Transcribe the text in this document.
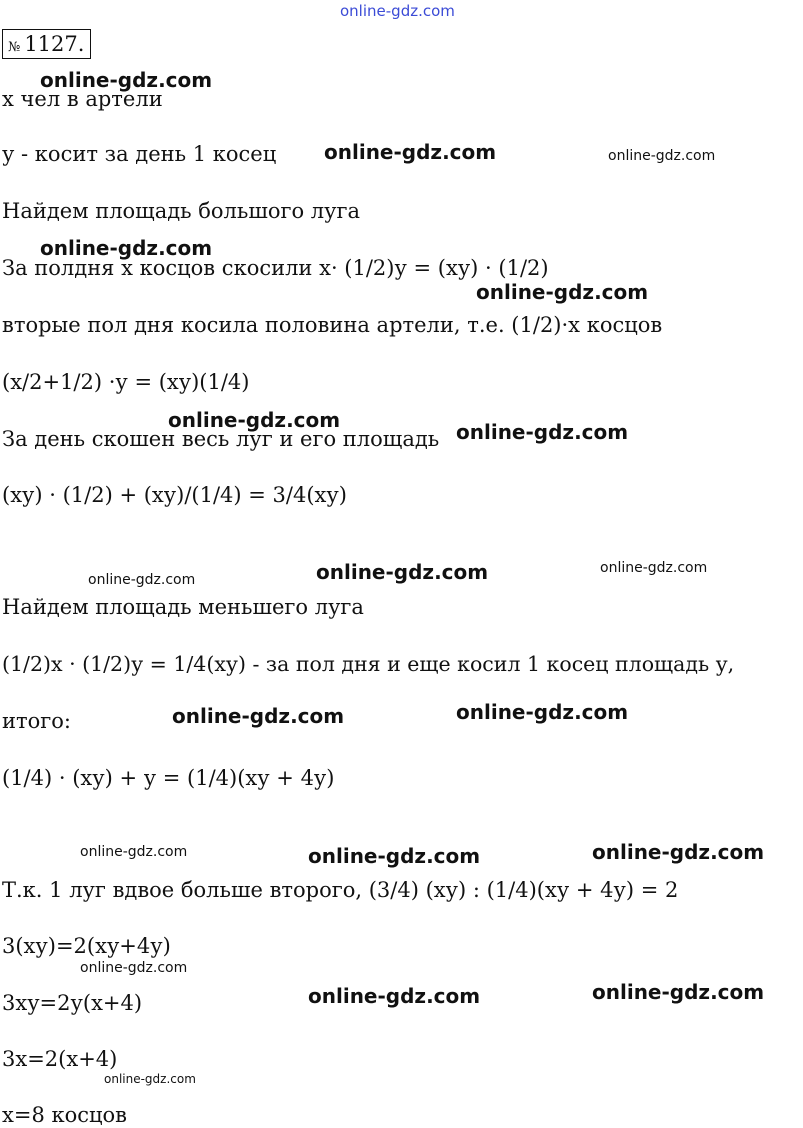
№ 1127.
х чел в артели
у - косит за день 1 косец
Найдем площадь большого луга
За полдня х косцов скосили х· (1/2)у = (ху) · (1/2)
вторые пол дня косила половина артели, т.е. (1/2)·х косцов
(х/2+1/2) ·у = (ху)(1/4)
За день скошен весь луг и его площадь
(ху) · (1/2) + (ху)/(1/4) = 3/4(ху)
Найдем площадь меньшего луга
(1/2)х · (1/2)у = 1/4(ху) - за пол дня и еще косил 1 косец площадь у,
итого:
(1/4) · (ху) + у = (1/4)(ху + 4у)
Т.к. 1 луг вдвое больше второго, (3/4) (ху) : (1/4)(ху + 4у) = 2
3(ху)=2(ху+4у)
3ху=2у(х+4)
3х=2(х+4)
х=8 косцов
online-gdz.com
online-gdz.com
online-gdz.com	online-gdz.com
online-gdz.com
online-gdz.com
online-gdz.com	online-gdz.com
online-gdz.com	online-gdz.com	online-gdz.com
online-gdz.com	online-gdz.com
online-gdz.com	online-gdz.com	online-gdz.com
online-gdz.com
online-gdz.com	online-gdz.com
online-gdz.com
